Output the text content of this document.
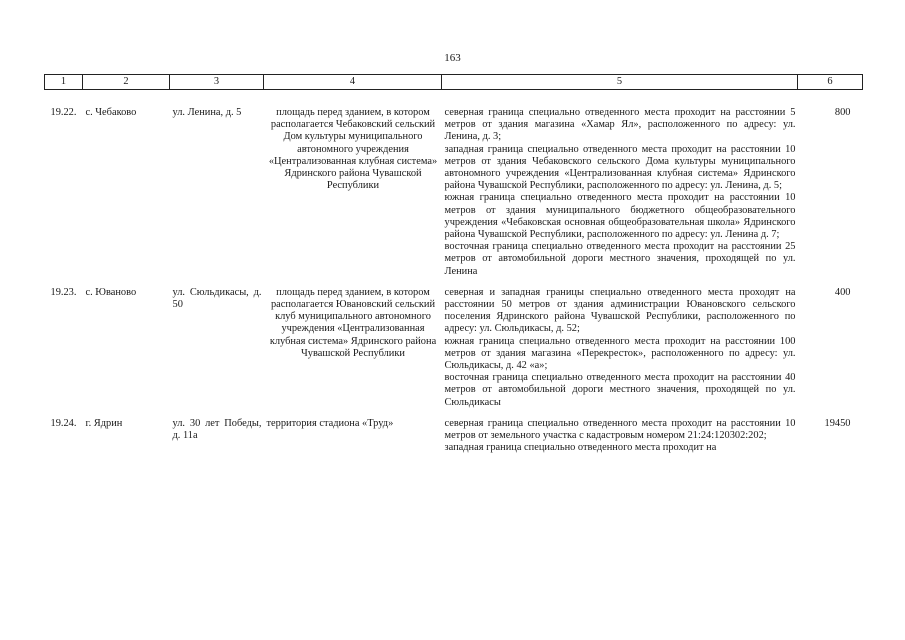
163
1	2	3	4	5	6

19.22.	с. Чебаково	ул. Ленина, д. 5	площадь перед зданием, в котором располагается Чебаковский сельский Дом культуры муниципального автономного учреждения «Централизованная клубная система» Ядринского района Чувашской Республики	северная граница специально отведенного места проходит на расстоянии 5 метров от здания магазина «Хамар Ял», расположенного по адресу: ул. Ленина, д. 3;
западная граница специально отведенного места проходит на расстоянии 10 метров от здания Чебаковского сельского Дома культуры муниципального автономного учреждения «Централизованная клубная система» Ядринского района Чувашской Республики, расположенного по адресу: ул. Ленина, д. 5;
южная граница специально отведенного места проходит на расстоянии 10 метров от здания муниципального бюджетного общеобразовательного учреждения «Чебаковская основная общеобразовательная школа» Ядринского района Чувашской Республики, расположенного по адресу: ул. Ленина д. 7;
восточная граница специально отведенного места проходит на расстоянии 25 метров от автомобильной дороги местного значения, проходящей по ул. Ленина	800
19.23.	с. Юваново	ул. Сюльдикасы, д. 50	площадь перед зданием, в котором располагается Ювановский сельский клуб муниципального автономного учреждения «Централизованная клубная система» Ядринского района Чувашской Республики	северная и западная границы специально отведенного места проходят на расстоянии 50 метров от здания администрации Ювановского сельского поселения Ядринского района Чувашской Республики, расположенного по адресу: ул. Сюльдикасы, д. 52;
южная граница специально отведенного места проходит на расстоянии 100 метров от здания магазина «Перекресток», расположенного по адресу: ул. Сюльдикасы, д. 42 «а»;
восточная граница специально отведенного места проходит на расстоянии 40 метров от автомобильной дороги местного значения, проходящей по ул. Сюльдикасы	400
19.24.	г. Ядрин	ул. 30 лет Победы, д. 11а	территория стадиона «Труд»	северная граница специально отведенного места проходит на расстоянии 10 метров от земельного участка с кадастровым номером 21:24:120302:202;
западная граница специально отведенного места проходит на	19450
